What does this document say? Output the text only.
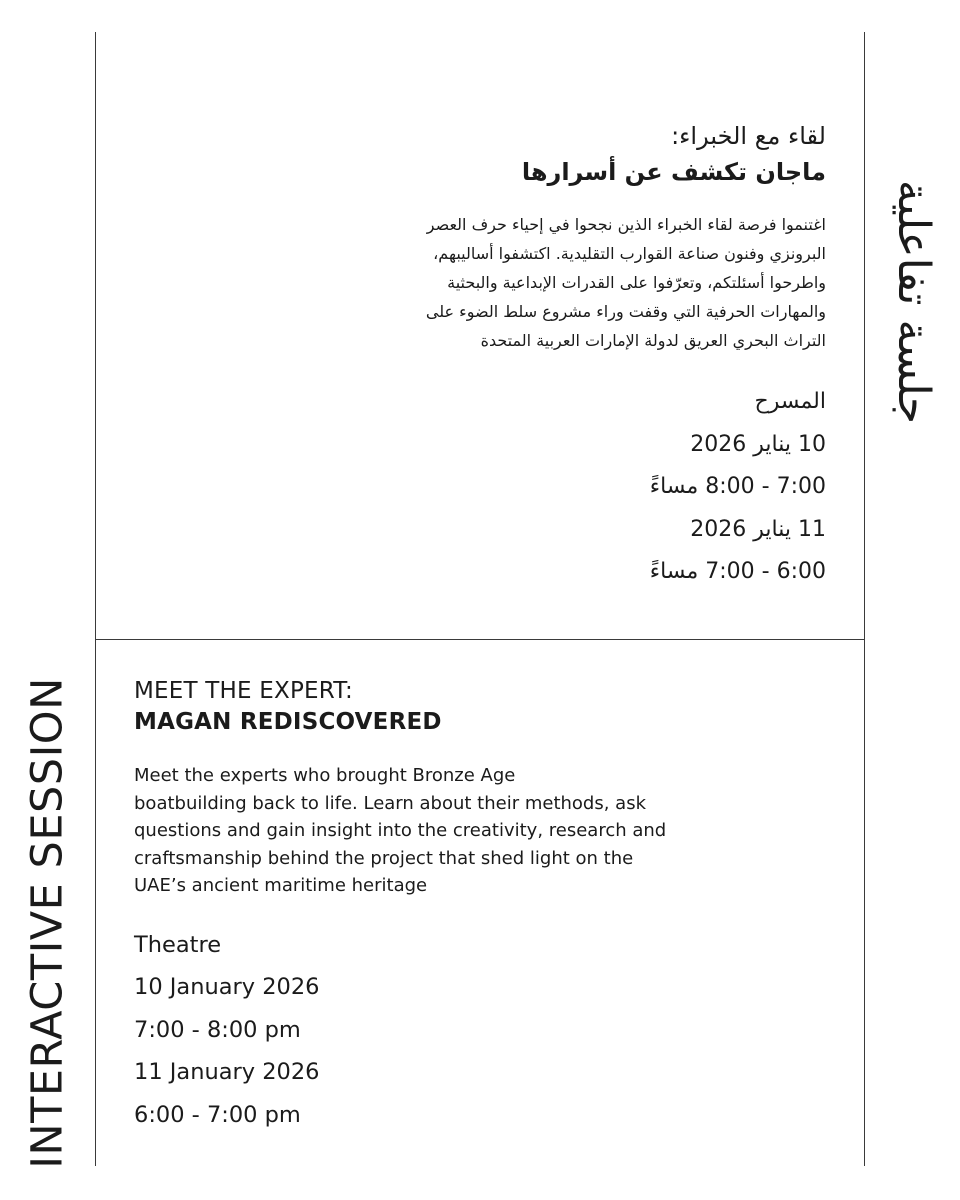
جلسة تفاعلية
لقاء مع الخبراء:
ماجان تكشف عن أسرارها

اغتنموا فرصة لقاء الخبراء الذين نجحوا في إحياء حرف العصر
البرونزي وفنون صناعة القوارب التقليدية. اكتشفوا أساليبهم،
واطرحوا أسئلتكم، وتعرّفوا على القدرات الإبداعية والبحثية
والمهارات الحرفية التي وقفت وراء مشروع سلط الضوء على
التراث البحري العريق لدولة الإمارات العربية المتحدة

المسرح
10 يناير 2026
7:00 - 8:00 مساءً
11 يناير 2026
6:00 - 7:00 مساءً
INTERACTIVE SESSION	MEET THE EXPERT:
MAGAN REDISCOVERED

Meet the experts who brought Bronze Age
boatbuilding back to life. Learn about their methods, ask
questions and gain insight into the creativity, research and
craftsmanship behind the project that shed light on the
UAE’s ancient maritime heritage

Theatre
10 January 2026
7:00 - 8:00 pm
11 January 2026
6:00 - 7:00 pm
